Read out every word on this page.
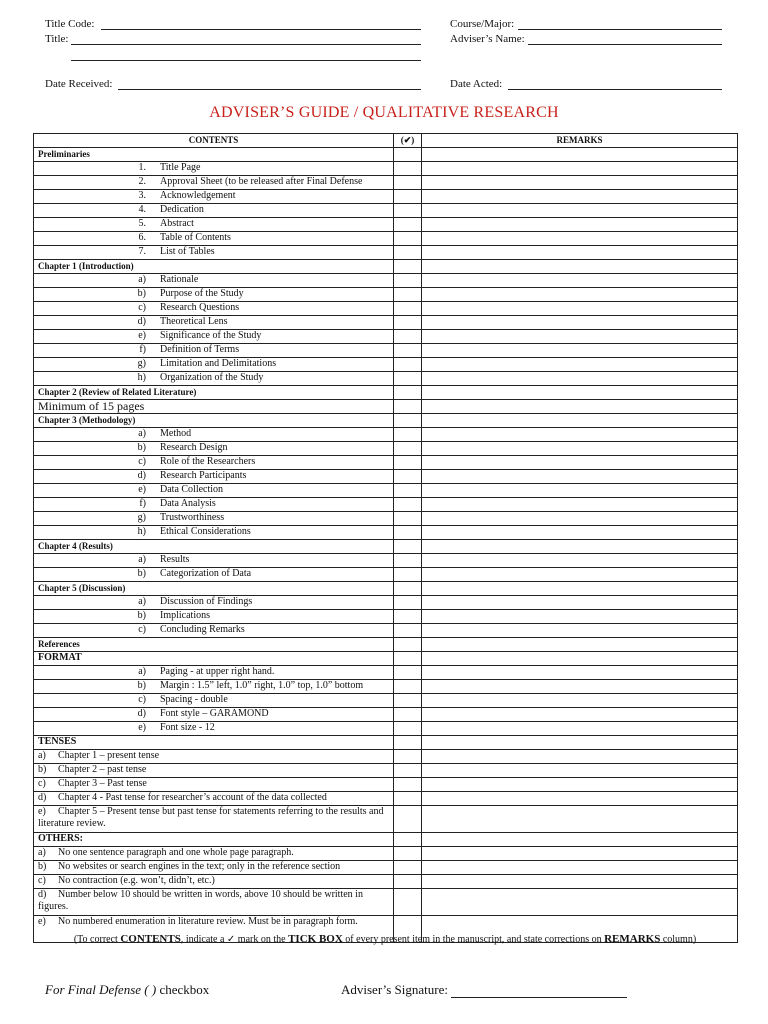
Title Code:
Title:
Date Received:
Course/Major:
Adviser’s Name:
Date Acted:
ADVISER’S GUIDE / QUALITATIVE RESEARCH
CONTENTS	(✔)	REMARKS
Preliminaries		
1. Title Page		
2. Approval Sheet (to be released after Final Defense		
3. Acknowledgement		
4. Dedication		
5. Abstract		
6. Table of Contents		
7. List of Tables		
Chapter 1 (Introduction)		
a) Rationale		
b) Purpose of the Study		
c) Research Questions		
d) Theoretical Lens		
e) Significance of the Study		
f) Definition of Terms		
g) Limitation and Delimitations		
h) Organization of the Study		
Chapter 2 (Review of Related Literature)		
Minimum of 15 pages		
Chapter 3 (Methodology)		
a) Method		
b) Research Design		
c) Role of the Researchers		
d) Research Participants		
e) Data Collection		
f) Data Analysis		
g) Trustworthiness		
h) Ethical Considerations		
Chapter 4 (Results)		
a) Results		
b) Categorization of Data		
Chapter 5 (Discussion)		
a) Discussion of Findings		
b) Implications		
c) Concluding Remarks		
References		
FORMAT		
a) Paging - at upper right hand.		
b) Margin : 1.5” left, 1.0” right, 1.0” top, 1.0” bottom		
c) Spacing - double		
d) Font style – GARAMOND		
e) Font size - 12		
TENSES		
a) Chapter 1 – present tense		
b) Chapter 2 – past tense		
c) Chapter 3 – Past tense		
d) Chapter 4 - Past tense for researcher’s account of the data collected		
e) Chapter 5 – Present tense but past tense for statements referring to the results and literature review.		
OTHERS:		
a) No one sentence paragraph and one whole page paragraph.		
b) No websites or search engines in the text; only in the reference section		
c) No contraction (e.g. won’t, didn’t, etc.)		
d) Number below 10 should be written in words, above 10 should be written in figures.		
e) No numbered enumeration in literature review. Must be in paragraph form.		
(To correct CONTENTS, indicate a ✓ mark on the TICK BOX of every present item in the manuscript, and state corrections on REMARKS column)
For Final Defense ( ) checkbox	Adviser’s Signature:
